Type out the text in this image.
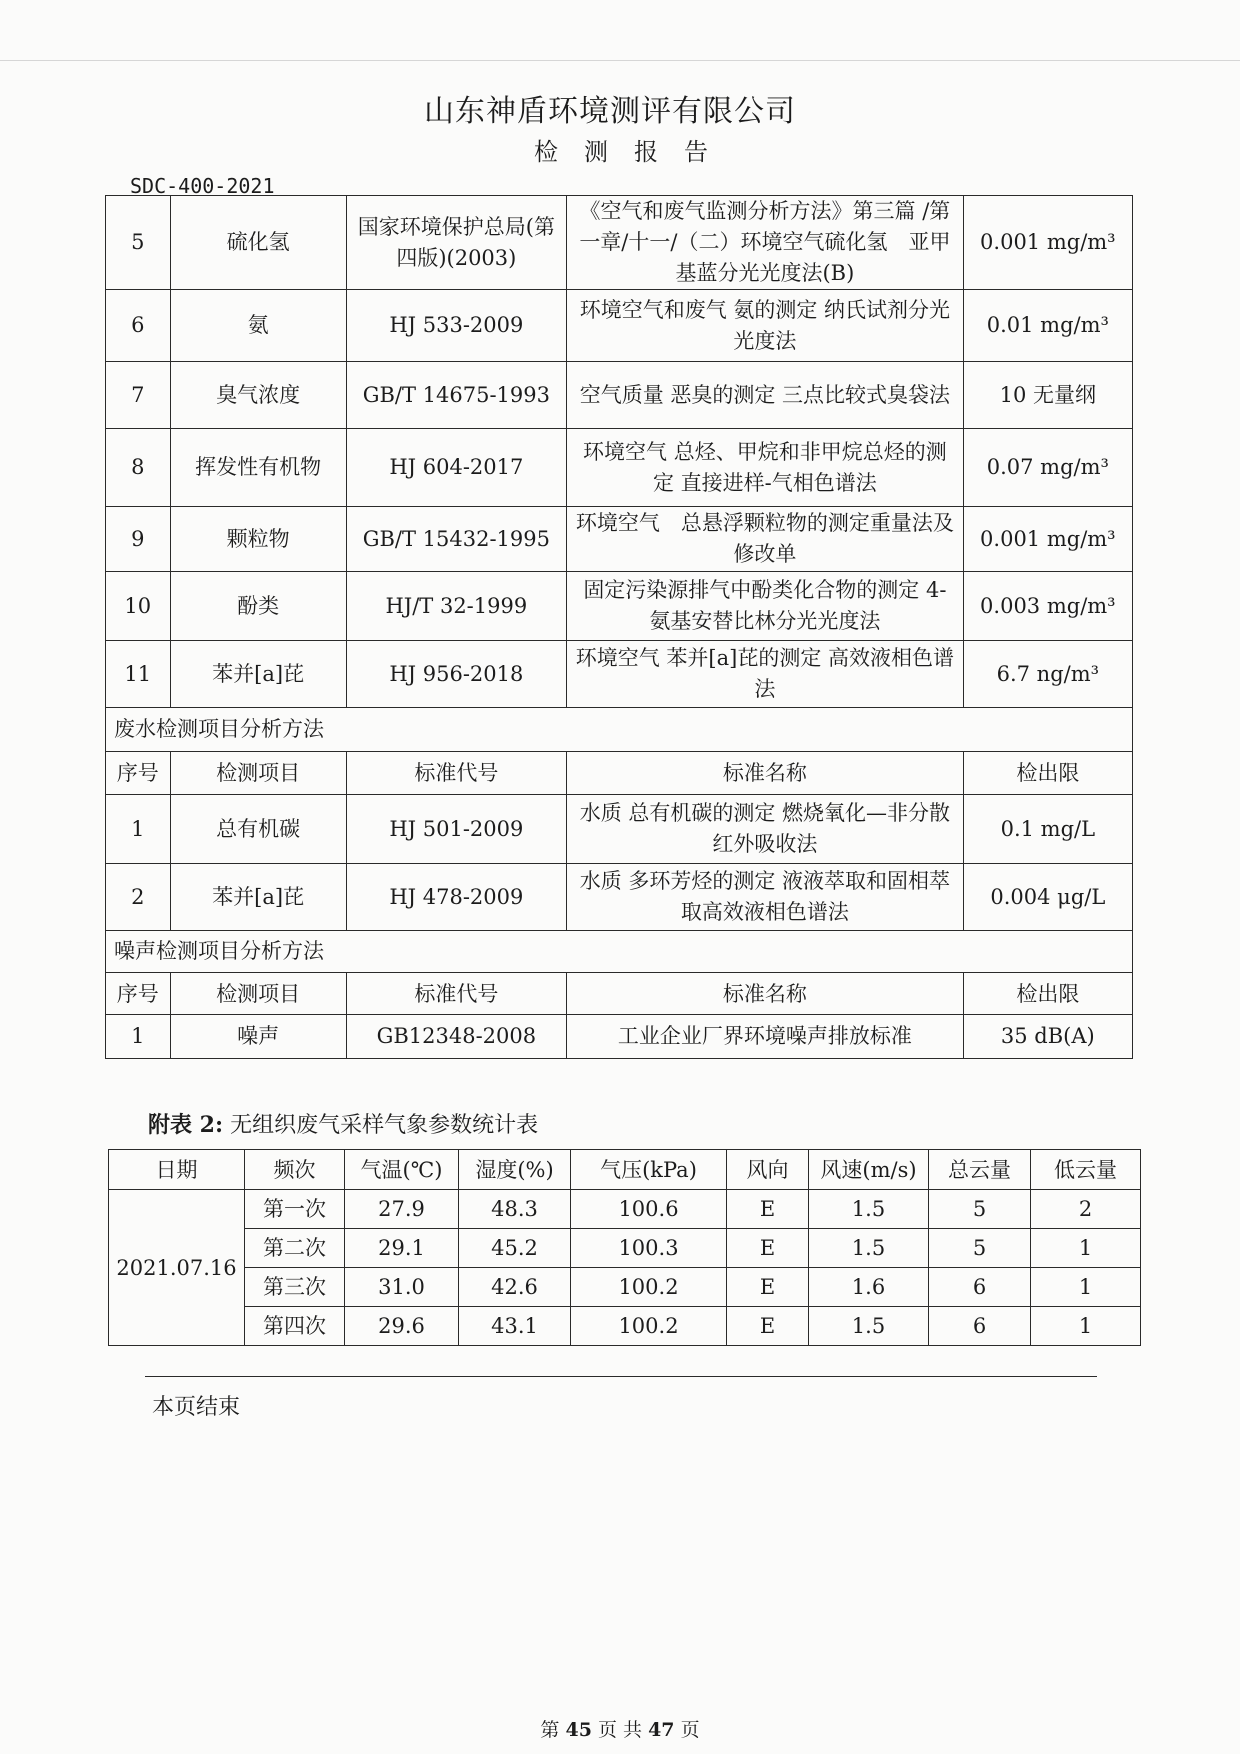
山东神盾环境测评有限公司
检测报告
SDC-400-2021
5	硫化氢	国家环境保护总局(第四版)(2003)	《空气和废气监测分析方法》第三篇 /第一章/十一/（二）环境空气硫化氢　亚甲基蓝分光光度法(B)	0.001 mg/m³
6	氨	HJ 533-2009	环境空气和废气 氨的测定 纳氏试剂分光光度法	0.01 mg/m³
7	臭气浓度	GB/T 14675-1993	空气质量 恶臭的测定 三点比较式臭袋法	10 无量纲
8	挥发性有机物	HJ 604-2017	环境空气 总烃、甲烷和非甲烷总烃的测定 直接进样-气相色谱法	0.07 mg/m³
9	颗粒物	GB/T 15432-1995	环境空气　总悬浮颗粒物的测定重量法及修改单	0.001 mg/m³
10	酚类	HJ/T 32-1999	固定污染源排气中酚类化合物的测定 4-氨基安替比林分光光度法	0.003 mg/m³
11	苯并[a]芘	HJ 956-2018	环境空气 苯并[a]芘的测定 高效液相色谱法	6.7 ng/m³
废水检测项目分析方法				
序号	检测项目	标准代号	标准名称	检出限
1	总有机碳	HJ 501-2009	水质 总有机碳的测定 燃烧氧化—非分散红外吸收法	0.1 mg/L
2	苯并[a]芘	HJ 478-2009	水质 多环芳烃的测定 液液萃取和固相萃取高效液相色谱法	0.004 μg/L
噪声检测项目分析方法				
序号	检测项目	标准代号	标准名称	检出限
1	噪声	GB12348-2008	工业企业厂界环境噪声排放标准	35 dB(A)
附表 2: 无组织废气采样气象参数统计表
日期	频次	气温(℃)	湿度(%)	气压(kPa)	风向	风速(m/s)	总云量	低云量
2021.07.16	第一次	27.9	48.3	100.6	E	1.5	5	2
	第二次	29.1	45.2	100.3	E	1.5	5	1
	第三次	31.0	42.6	100.2	E	1.6	6	1
	第四次	29.6	43.1	100.2	E	1.5	6	1
本页结束
第 45 页 共 47 页
